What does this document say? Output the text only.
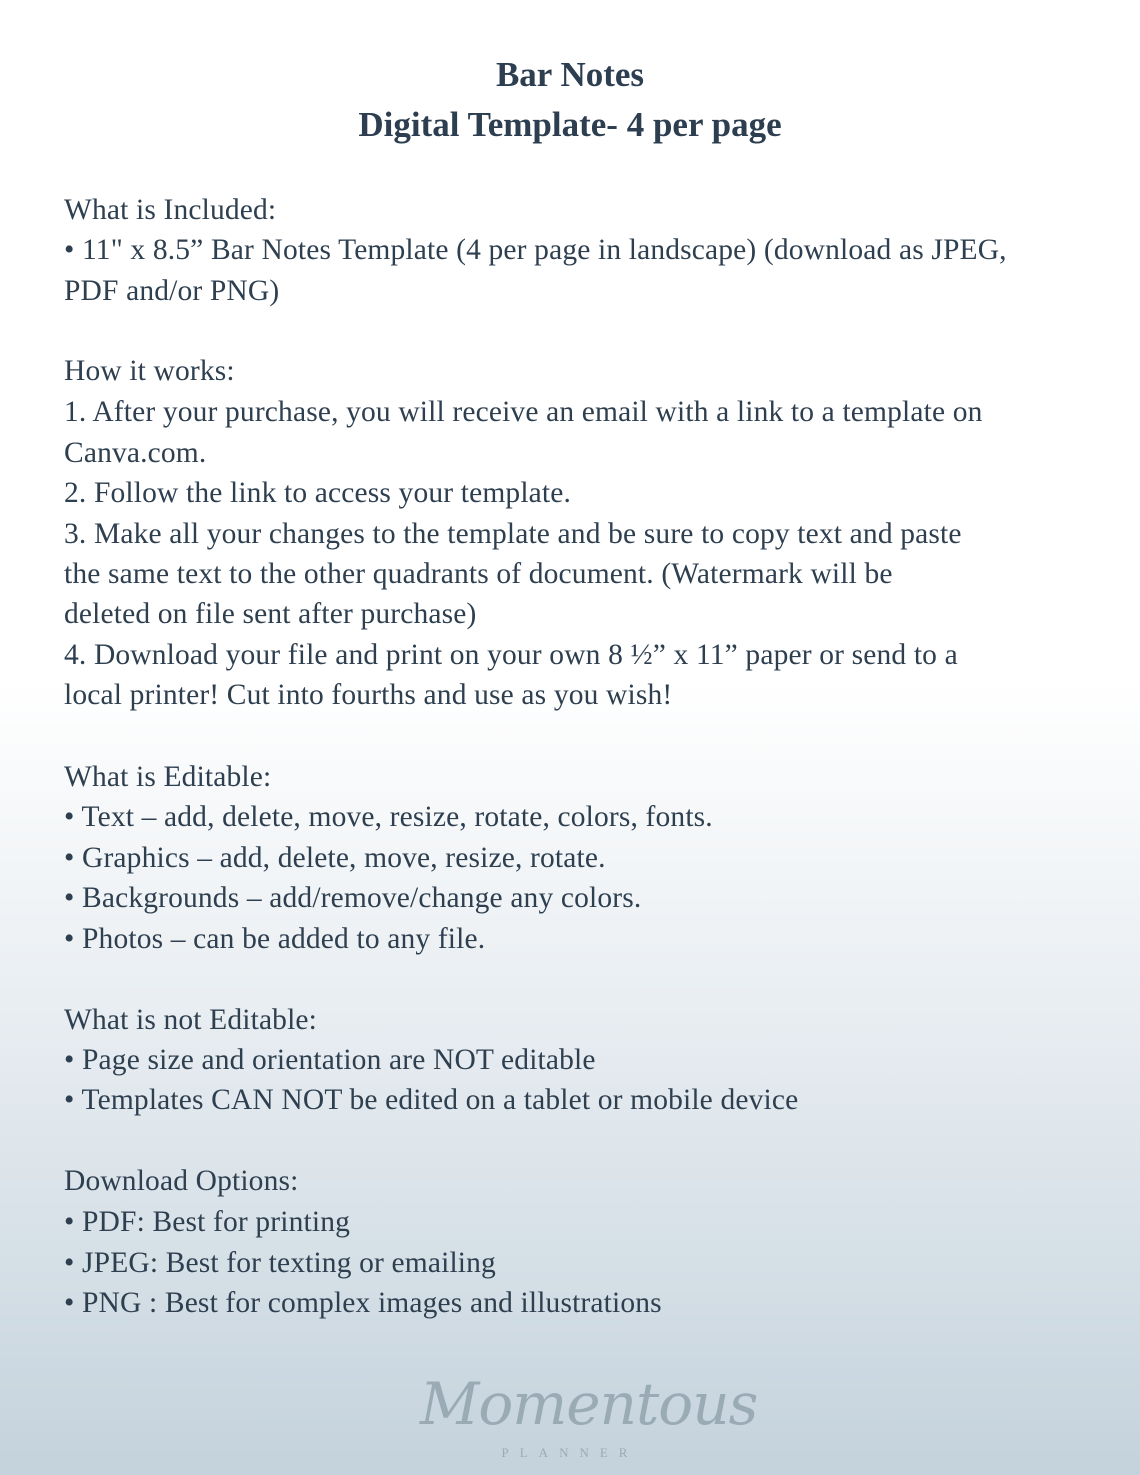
Bar Notes
Digital Template- 4 per page
What is Included:
• 11" x 8.5” Bar Notes Template (4 per page in landscape) (download as JPEG,
PDF and/or PNG)
How it works:
1. After your purchase, you will receive an email with a link to a template on
Canva.com.
2. Follow the link to access your template.
3. Make all your changes to the template and be sure to copy text and paste
the same text to the other quadrants of document. (Watermark will be
deleted on file sent after purchase)
4. Download your file and print on your own 8 ½” x 11” paper or send to a
local printer! Cut into fourths and use as you wish!
What is Editable:
• Text – add, delete, move, resize, rotate, colors, fonts.
• Graphics – add, delete, move, resize, rotate.
• Backgrounds – add/remove/change any colors.
• Photos – can be added to any file.
What is not Editable:
• Page size and orientation are NOT editable
• Templates CAN NOT be edited on a tablet or mobile device
Download Options:
• PDF: Best for printing
• JPEG: Best for texting or emailing
• PNG : Best for complex images and illustrations
Momentous
PLANNER
